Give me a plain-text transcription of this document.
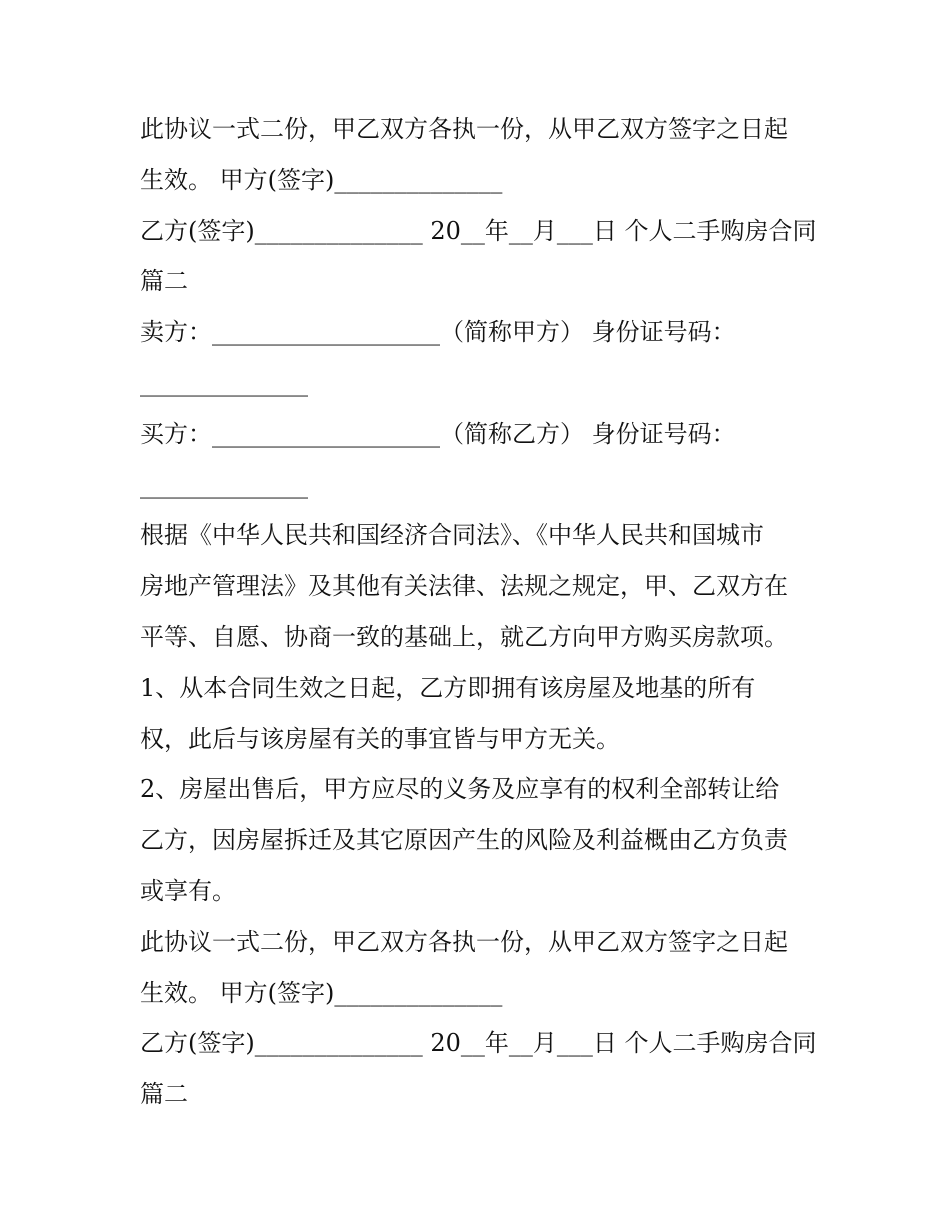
此协议一式二份，甲乙双方各执一份，从甲乙双方签字之日起
生效。 甲方(签字)______________
乙方(签字)______________ 20__年__月___日 个人二手购房合同
篇二
卖方：___________________（简称甲方） 身份证号码：
______________
买方：___________________（简称乙方） 身份证号码：
______________
根据《中华人民共和国经济合同法》、《中华人民共和国城市
房地产管理法》及其他有关法律、法规之规定，甲、乙双方在
平等、自愿、协商一致的基础上，就乙方向甲方购买房款项。
1、从本合同生效之日起，乙方即拥有该房屋及地基的所有
权，此后与该房屋有关的事宜皆与甲方无关。
2、房屋出售后，甲方应尽的义务及应享有的权利全部转让给
乙方，因房屋拆迁及其它原因产生的风险及利益概由乙方负责
或享有。
此协议一式二份，甲乙双方各执一份，从甲乙双方签字之日起
生效。 甲方(签字)______________
乙方(签字)______________ 20__年__月___日 个人二手购房合同
篇二
